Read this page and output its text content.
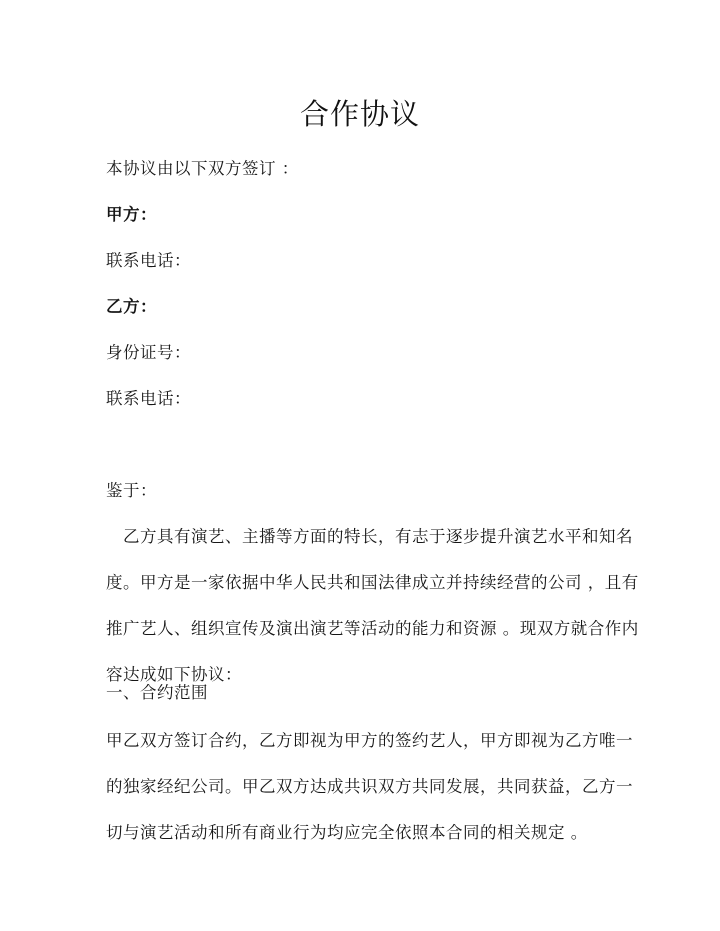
合作协议
本协议由以下双方签订 ：
甲方：
联系电话：
乙方：
身份证号：
联系电话：
鉴于：
　乙方具有演艺、主播等方面的特长，有志于逐步提升演艺水平和知名
度。甲方是一家依据中华人民共和国法律成立并持续经营的公司 ，且有
推广艺人、组织宣传及演出演艺等活动的能力和资源 。现双方就合作内
容达成如下协议：
一、合约范围
甲乙双方签订合约，乙方即视为甲方的签约艺人，甲方即视为乙方唯一
的独家经纪公司。甲乙双方达成共识双方共同发展，共同获益，乙方一
切与演艺活动和所有商业行为均应完全依照本合同的相关规定 。
